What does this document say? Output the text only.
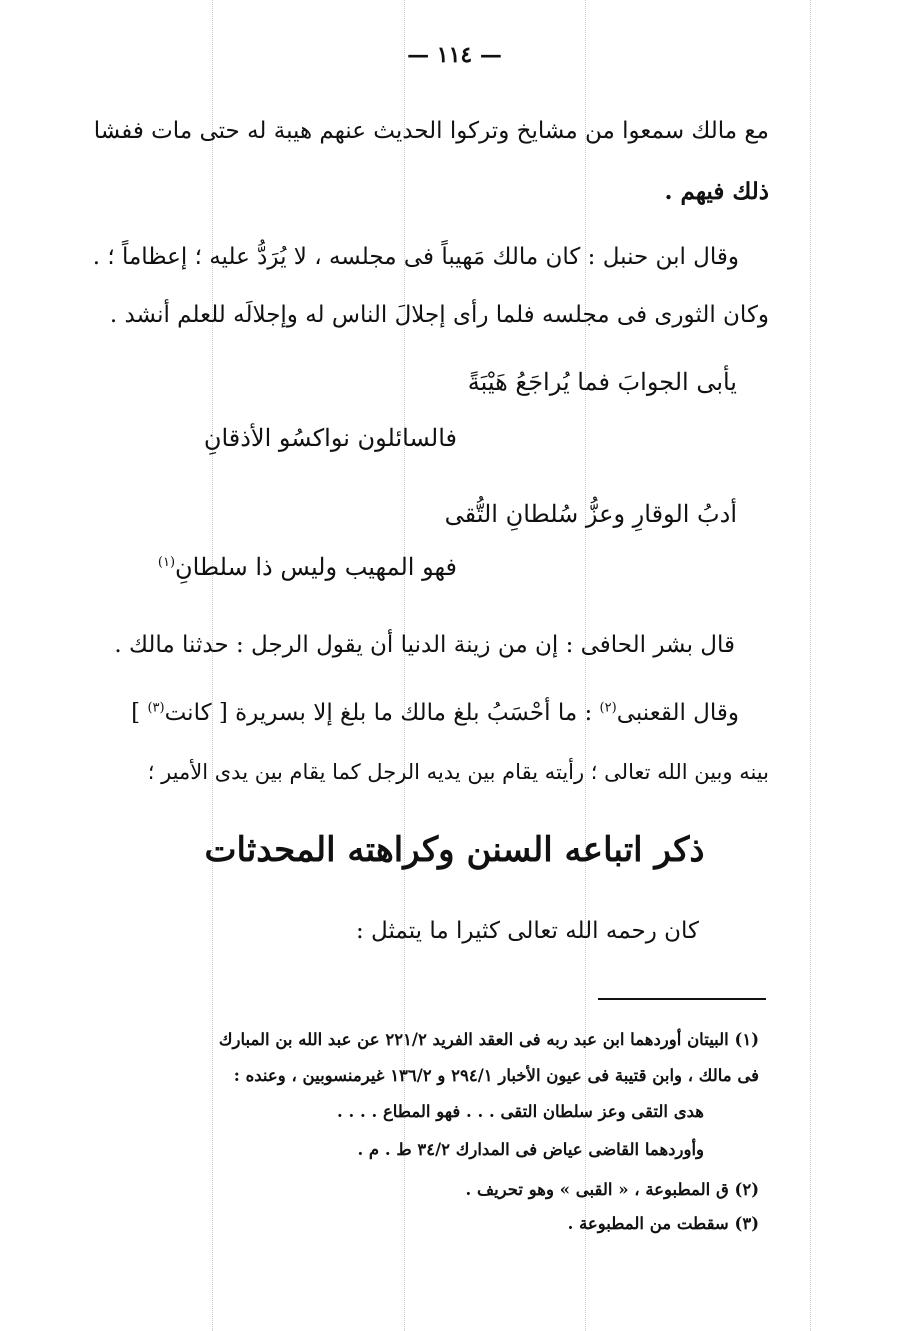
— ١١٤ —
مع مالك سمعوا من مشايخ وتركوا الحديث عنهم هيبة له حتى مات ففشا
ذلك فيهم .
وقال ابن حنبل : كان مالك مَهيباً فى مجلسه ، لا يُرَدُّ عليه ؛ إعظاماً ؛ .
وكان الثورى فى مجلسه فلما رأى إجلالَ الناس له وإجلالَه للعلم أنشد .
يأبى الجوابَ فما يُراجَعُ هَيْبَةً
فالسائلون نواكسُو الأذقانِ
أدبُ الوقارِ وعزُّ سُلطانِ التُّقى
فهو المهيب وليس ذا سلطانِ$^{(١)}$
قال بشر الحافى : إن من زينة الدنيا أن يقول الرجل : حدثنا مالك .
وقال القعنبى$^{(٢)}$ : ما أحْسَبُ بلغ مالك ما بلغ إلا بسريرة [ كانت$^{(٣)}$ ]
بينه وبين الله تعالى ؛ رأيته يقام بين يديه الرجل كما يقام بين يدى الأمير ؛
ذكر اتباعه السنن وكراهته المحدثات
كان رحمه الله تعالى كثيرا ما يتمثل :
(١) البيتان أوردهما ابن عبد ربه فى العقد الفريد ٢٢١/٢ عن عبد الله بن المبارك
فى مالك ، وابن قتيبة فى عيون الأخبار ٢٩٤/١ و ١٣٦/٢ غيرمنسوبين ، وعنده :
هدى التقى وعز سلطان التقى . . . فهو المطاع . . . .
وأوردهما القاضى عياض فى المدارك ٣٤/٢ ط . م .
(٢) ق المطبوعة ، « القبى » وهو تحريف .
(٣) سقطت من المطبوعة .
